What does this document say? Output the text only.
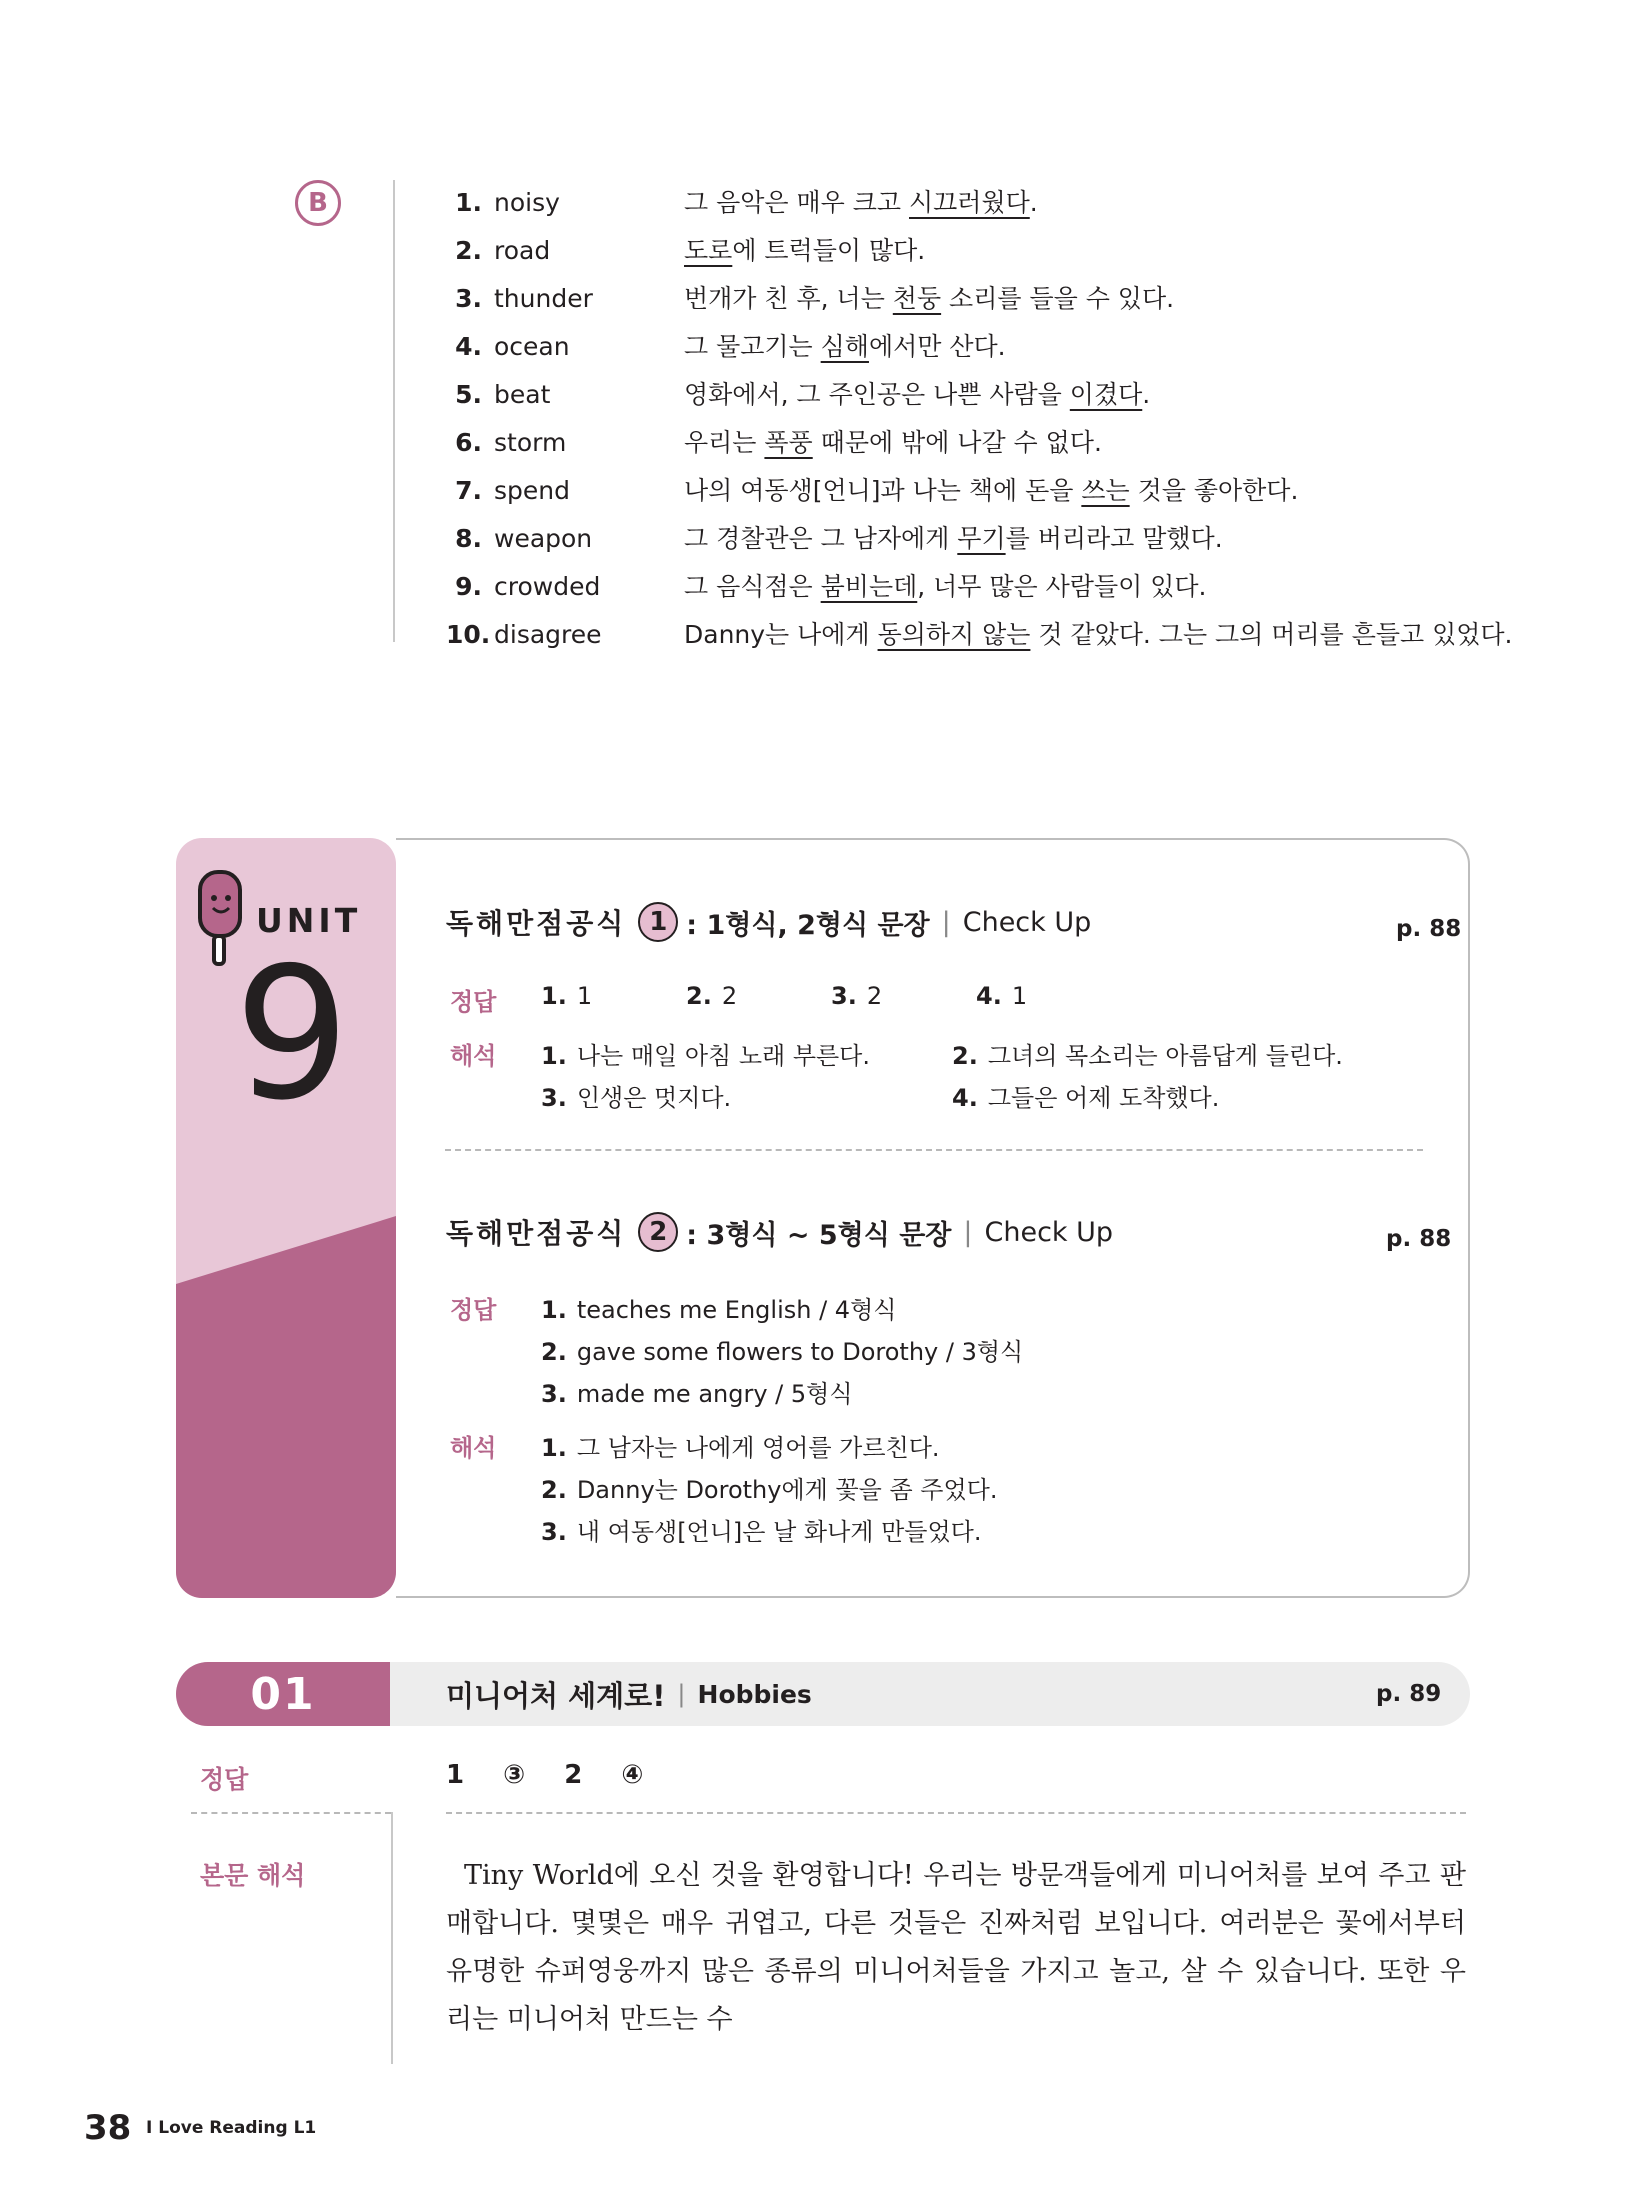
B	1. noisy	그 음악은 매우 크고 시끄러웠다.
2. road	도로에 트럭들이 많다.
3. thunder	번개가 친 후, 너는 천둥 소리를 들을 수 있다.
4. ocean	그 물고기는 심해에서만 산다.
5. beat	영화에서, 그 주인공은 나쁜 사람을 이겼다.
6. storm	우리는 폭풍 때문에 밖에 나갈 수 없다.
7. spend	나의 여동생[언니]과 나는 책에 돈을 쓰는 것을 좋아한다.
8. weapon	그 경찰관은 그 남자에게 무기를 버리라고 말했다.
9. crowded	그 음식점은 붐비는데, 너무 많은 사람들이 있다.
10. disagree	Danny는 나에게 동의하지 않는 것 같았다. 그는 그의 머리를 흔들고 있었다.
UNIT
9
독해만점공식 1 : 1형식, 2형식 문장 | Check Up	p. 88
정답 1. 1	2. 2	3. 2	4. 1
해석 1. 나는 매일 아침 노래 부른다.	2. 그녀의 목소리는 아름답게 들린다.
3. 인생은 멋지다.	4. 그들은 어제 도착했다.
독해만점공식 2 : 3형식 ~ 5형식 문장 | Check Up	p. 88
정답 1. teaches me English / 4형식
2. gave some flowers to Dorothy / 3형식
3. made me angry / 5형식
해석 1. 그 남자는 나에게 영어를 가르친다.
2. Danny는 Dorothy에게 꽃을 좀 주었다.
3. 내 여동생[언니]은 날 화나게 만들었다.
01	미니어처 세계로! | Hobbies	p. 89
정답	1 ③ 2 ④
본문 해석	Tiny World에 오신 것을 환영합니다! 우리는 방문객들에게 미니어처를 보여 주고 판매합니다. 몇몇은 매우 귀엽고, 다른 것들은 진짜처럼 보입니다. 여러분은 꽃에서부터 유명한 슈퍼영웅까지 많은 종류의 미니어처들을 가지고 놀고, 살 수 있습니다. 또한 우리는 미니어처 만드는 수
38 I Love Reading L1
